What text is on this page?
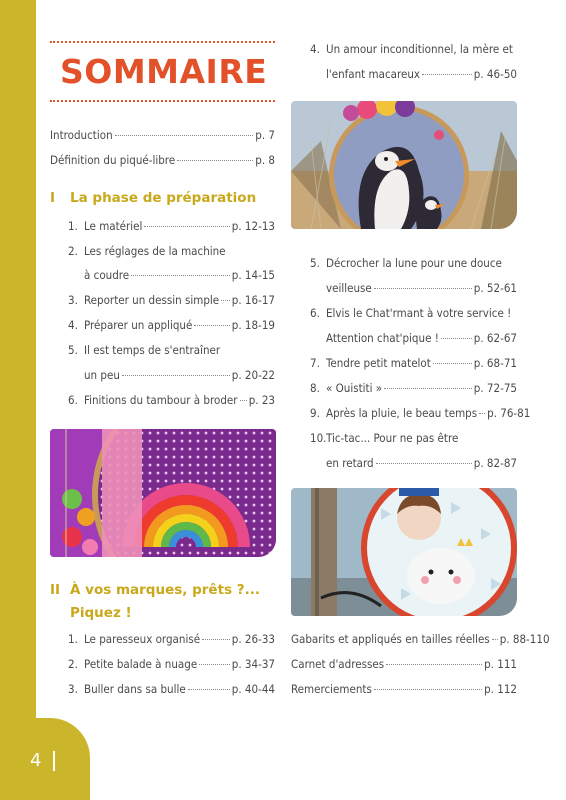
4
SOMMAIRE
Introduction	p. 7
Définition du piqué-libre	p. 8
I La phase de préparation
1. Le matériel	p. 12-13
2. Les réglages de la machine
à coudre	p. 14-15
3. Reporter un dessin simple p. 16-17
4. Préparer un appliqué	p. 18-19
5. Il est temps de s'entraîner
un peu	p. 20-22
6. Finitions du tambour à broder p. 23
II À vos marques, prêts ?...
Piquez !
1. Le paresseux organisé	p. 26-33
2. Petite balade à nuage	p. 34-37
3. Buller dans sa bulle	p. 40-44
4. Un amour inconditionnel, la mère et
l'enfant macareux	p. 46-50
5. Décrocher la lune pour une douce
veilleuse	p. 52-61
6. Elvis le Chat'rmant à votre service !
Attention chat'pique !	p. 62-67
7. Tendre petit matelot	p. 68-71
8. « Ouistiti »	p. 72-75
9. Après la pluie, le beau temps p. 76-81
10.Tic-tac... Pour ne pas être
en retard	p. 82-87
Gabarits et appliqués en tailles réelles p. 88-110
Carnet d'adresses	p. 111
Remerciements	p. 112
